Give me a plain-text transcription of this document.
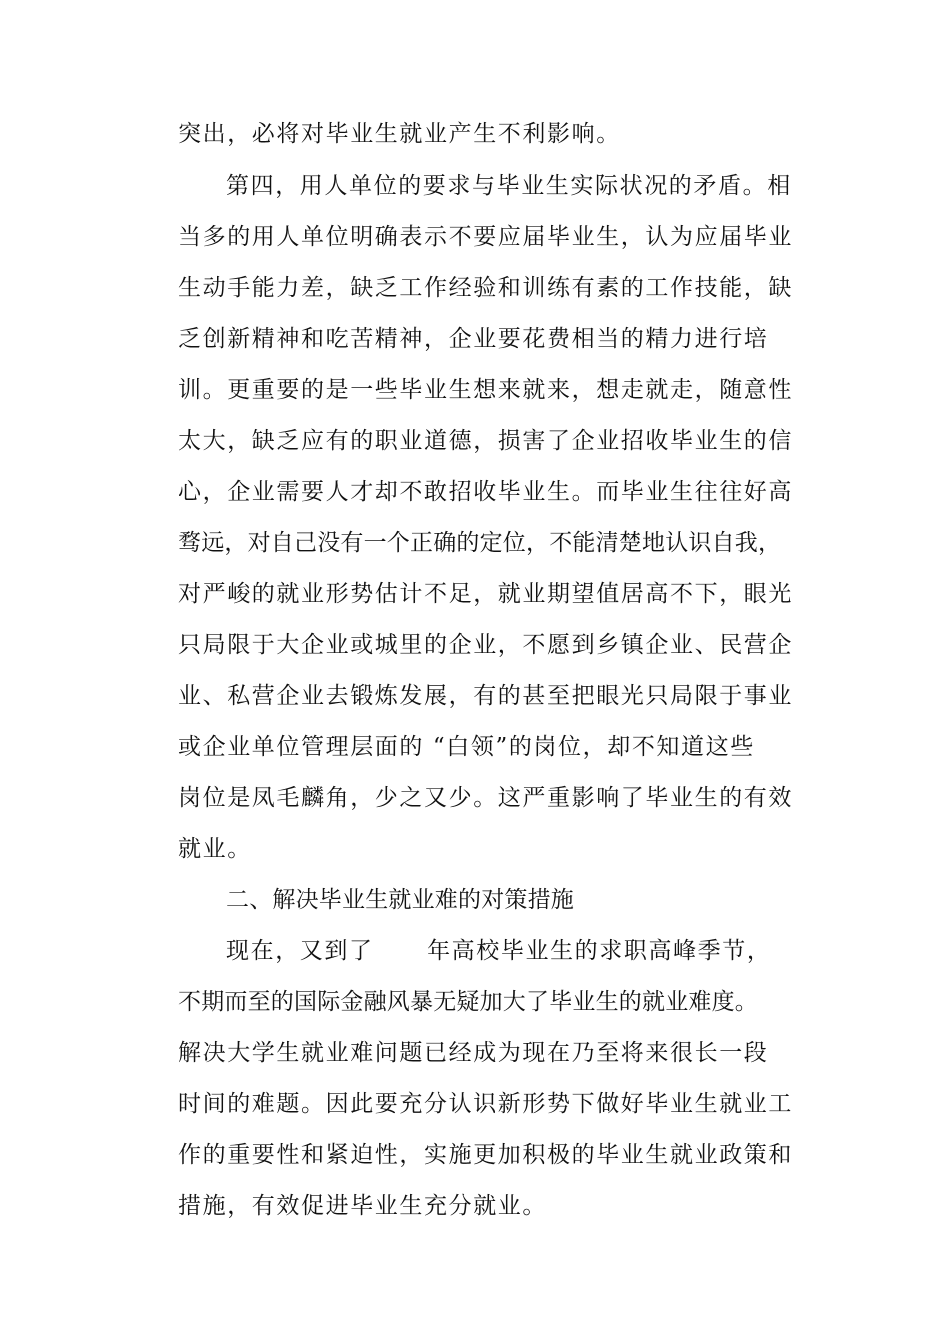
突出，必将对毕业生就业产生不利影响。
第四，用人单位的要求与毕业生实际状况的矛盾。相
当多的用人单位明确表示不要应届毕业生，认为应届毕业
生动手能力差，缺乏工作经验和训练有素的工作技能，缺
乏创新精神和吃苦精神，企业要花费相当的精力进行培
训。更重要的是一些毕业生想来就来，想走就走，随意性
太大，缺乏应有的职业道德，损害了企业招收毕业生的信
心，企业需要人才却不敢招收毕业生。而毕业生往往好高
骛远，对自己没有一个正确的定位，不能清楚地认识自我，
对严峻的就业形势估计不足，就业期望值居高不下，眼光
只局限于大企业或城里的企业，不愿到乡镇企业、民营企
业、私营企业去锻炼发展，有的甚至把眼光只局限于事业
或企业单位管理层面的 “白领”的岗位，却不知道这些
岗位是凤毛麟角，少之又少。这严重影响了毕业生的有效
就业。
二、解决毕业生就业难的对策措施
现在，又到了      年高校毕业生的求职高峰季节，
不期而至的国际金融风暴无疑加大了毕业生的就业难度。
解决大学生就业难问题已经成为现在乃至将来很长一段
时间的难题。因此要充分认识新形势下做好毕业生就业工
作的重要性和紧迫性，实施更加积极的毕业生就业政策和
措施，有效促进毕业生充分就业。
